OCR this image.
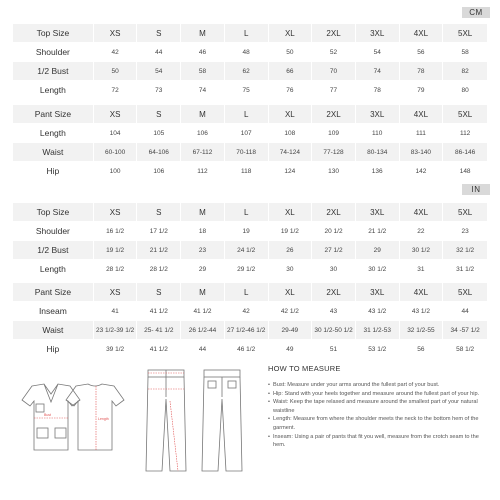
CM
Top Size	XS	S	M	L	XL	2XL	3XL	4XL	5XL
Shoulder	42	44	46	48	50	52	54	56	58
1/2 Bust	50	54	58	62	66	70	74	78	82
Length	72	73	74	75	76	77	78	79	80
Pant Size	XS	S	M	L	XL	2XL	3XL	4XL	5XL
Length	104	105	106	107	108	109	110	111	112
Waist	60-100	64-106	67-112	70-118	74-124	77-128	80-134	83-140	86-146
Hip	100	106	112	118	124	130	136	142	148
IN
Top Size	XS	S	M	L	XL	2XL	3XL	4XL	5XL
Shoulder	16 1/2	17 1/2	18	19	19 1/2	20 1/2	21 1/2	22	23
1/2 Bust	19 1/2	21 1/2	23	24 1/2	26	27 1/2	29	30 1/2	32 1/2
Length	28 1/2	28 1/2	29	29 1/2	30	30	30 1/2	31	31 1/2
Pant Size	XS	S	M	L	XL	2XL	3XL	4XL	5XL
Inseam	41	41 1/2	41 1/2	42	42 1/2	43	43 1/2	43 1/2	44
Waist	23 1/2-39 1/2	25- 41 1/2	26 1/2-44	27 1/2-46 1/2	29-49	30 1/2-50 1/2	31 1/2-53	32 1/2-55	34 -57 1/2
Hip	39 1/2	41 1/2	44	46 1/2	49	51	53 1/2	56	58 1/2
Bust
Length
HOW TO MEASURE
• Bust: Measure under your arms around the fullest part of your bust.
• Hip: Stand with your heels together and measure around the fullest part of your hip.
• Waist: Keep the tape relaxed and measure around the smallest part of your natural waistline
• Length: Measure from where the shoulder meets the neck to the bottom hem of the garment.
• Inseam: Using a pair of pants that fit you well, measure from the crotch seam to the hem.
